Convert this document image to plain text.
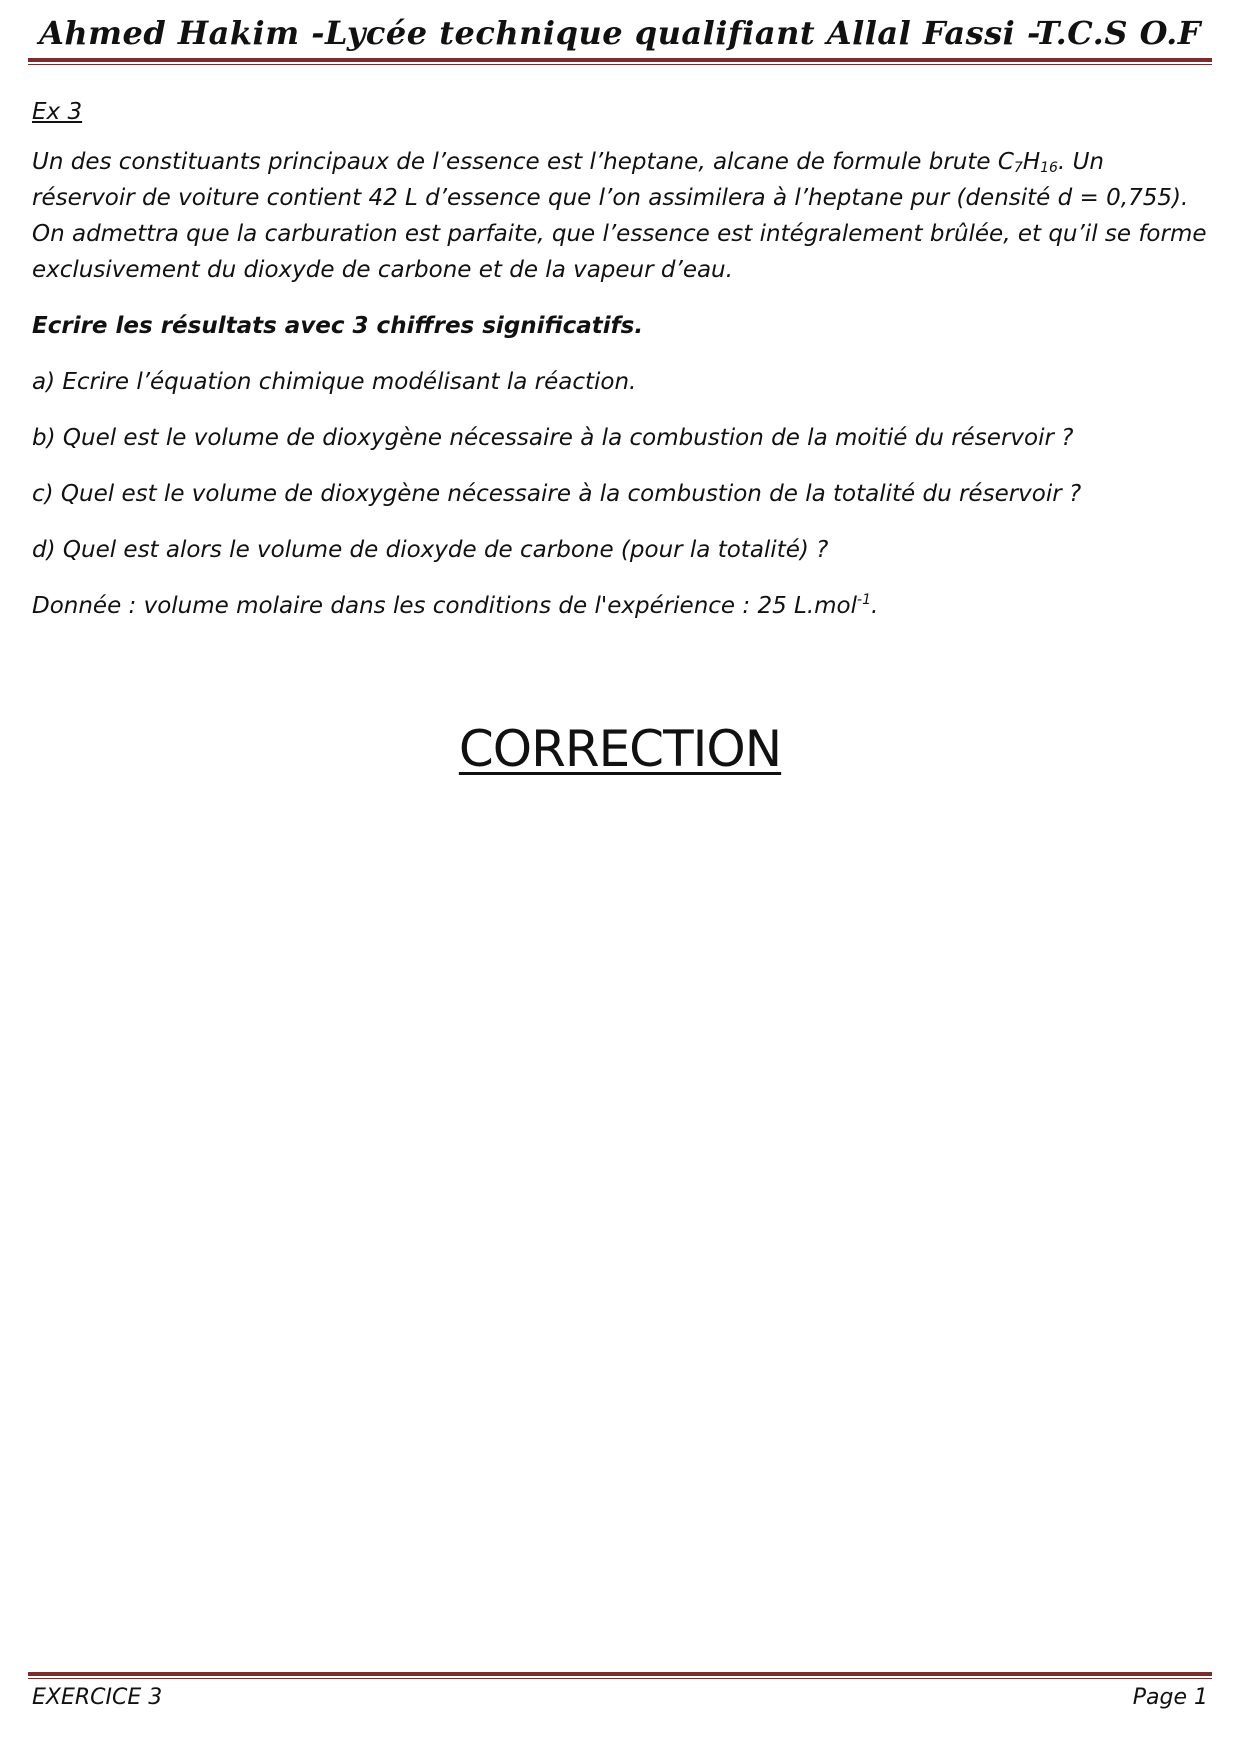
Ahmed Hakim -Lycée technique qualifiant Allal Fassi -T.C.S O.F

Ex 3

Un des constituants principaux de l’essence est l’heptane, alcane de formule brute $C_7H_{16}$. Un réservoir de voiture contient 42 L d’essence que l’on assimilera à l’heptane pur (densité d = 0,755). On admettra que la carburation est parfaite, que l’essence est intégralement brûlée, et qu’il se forme exclusivement du dioxyde de carbone et de la vapeur d’eau.

Ecrire les résultats avec 3 chiffres significatifs.

a) Ecrire l’équation chimique modélisant la réaction.

b) Quel est le volume de dioxygène nécessaire à la combustion de la moitié du réservoir ?

c) Quel est le volume de dioxygène nécessaire à la combustion de la totalité du réservoir ?

d) Quel est alors le volume de dioxyde de carbone (pour la totalité) ?

Donnée : volume molaire dans les conditions de l'expérience : 25 L.mol$^{-1}$.

CORRECTION
EXERCICE 3	Page 1
